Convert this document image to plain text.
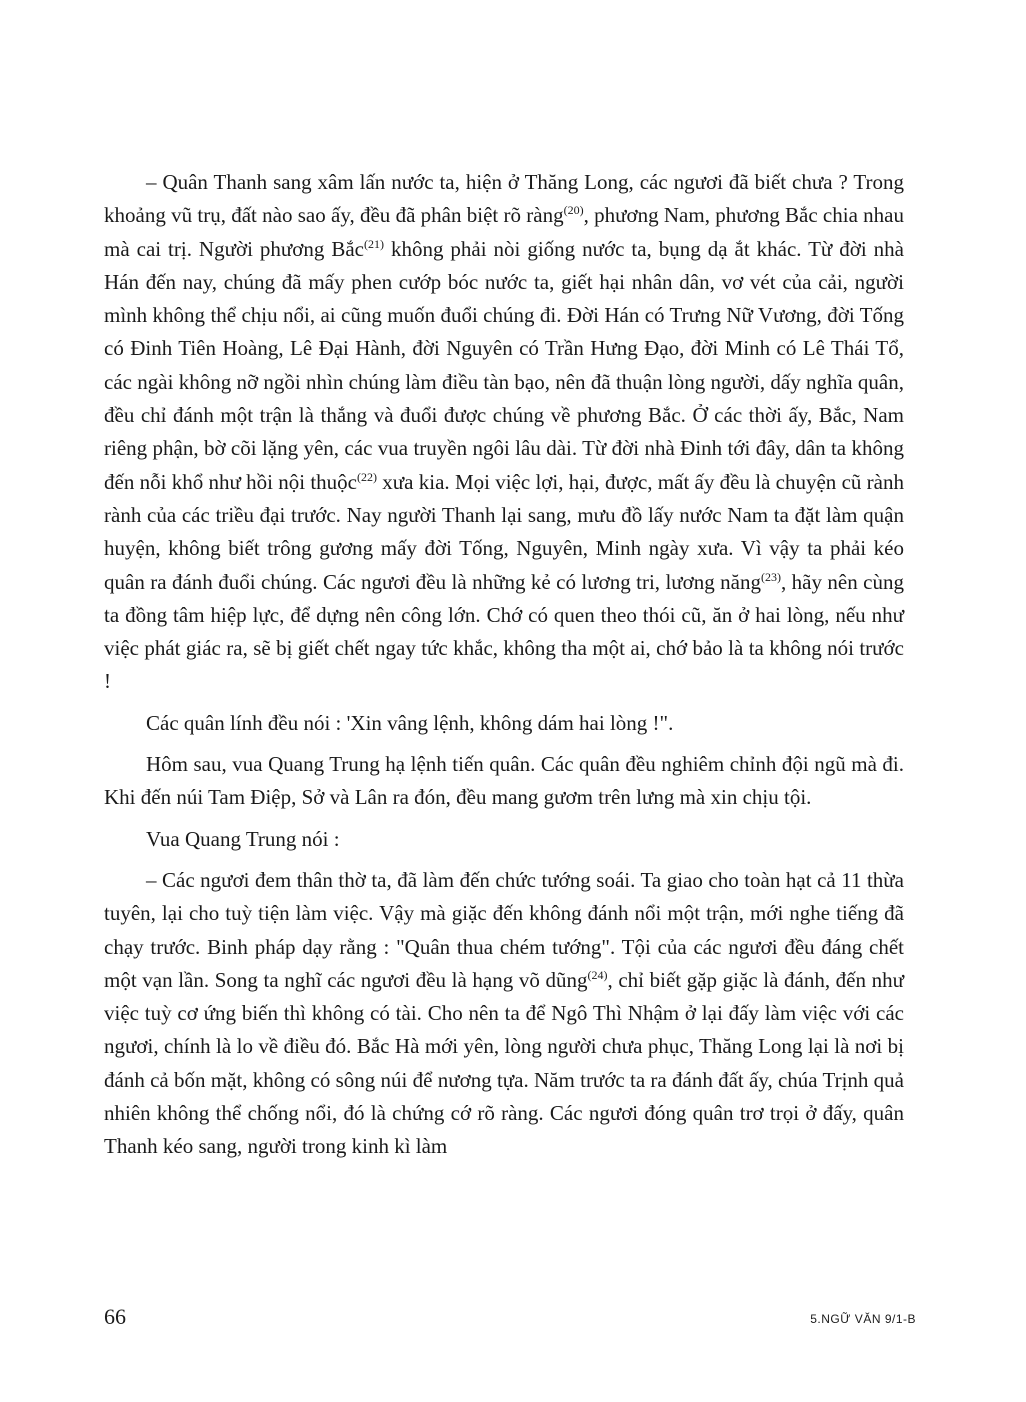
– Quân Thanh sang xâm lấn nước ta, hiện ở Thăng Long, các ngươi đã biết chưa ? Trong khoảng vũ trụ, đất nào sao ấy, đều đã phân biệt rõ ràng$^{(20)}$, phương Nam, phương Bắc chia nhau mà cai trị. Người phương Bắc$^{(21)}$ không phải nòi giống nước ta, bụng dạ ắt khác. Từ đời nhà Hán đến nay, chúng đã mấy phen cướp bóc nước ta, giết hại nhân dân, vơ vét của cải, người mình không thể chịu nổi, ai cũng muốn đuổi chúng đi. Đời Hán có Trưng Nữ Vương, đời Tống có Đinh Tiên Hoàng, Lê Đại Hành, đời Nguyên có Trần Hưng Đạo, đời Minh có Lê Thái Tổ, các ngài không nỡ ngồi nhìn chúng làm điều tàn bạo, nên đã thuận lòng người, dấy nghĩa quân, đều chỉ đánh một trận là thắng và đuổi được chúng về phương Bắc. Ở các thời ấy, Bắc, Nam riêng phận, bờ cõi lặng yên, các vua truyền ngôi lâu dài. Từ đời nhà Đinh tới đây, dân ta không đến nỗi khổ như hồi nội thuộc$^{(22)}$ xưa kia. Mọi việc lợi, hại, được, mất ấy đều là chuyện cũ rành rành của các triều đại trước. Nay người Thanh lại sang, mưu đồ lấy nước Nam ta đặt làm quận huyện, không biết trông gương mấy đời Tống, Nguyên, Minh ngày xưa. Vì vậy ta phải kéo quân ra đánh đuổi chúng. Các ngươi đều là những kẻ có lương tri, lương năng$^{(23)}$, hãy nên cùng ta đồng tâm hiệp lực, để dựng nên công lớn. Chớ có quen theo thói cũ, ăn ở hai lòng, nếu như việc phát giác ra, sẽ bị giết chết ngay tức khắc, không tha một ai, chớ bảo là ta không nói trước !

Các quân lính đều nói : 'Xin vâng lệnh, không dám hai lòng !".

Hôm sau, vua Quang Trung hạ lệnh tiến quân. Các quân đều nghiêm chỉnh đội ngũ mà đi. Khi đến núi Tam Điệp, Sở và Lân ra đón, đều mang gươm trên lưng mà xin chịu tội.

Vua Quang Trung nói :

– Các ngươi đem thân thờ ta, đã làm đến chức tướng soái. Ta giao cho toàn hạt cả 11 thừa tuyên, lại cho tuỳ tiện làm việc. Vậy mà giặc đến không đánh nổi một trận, mới nghe tiếng đã chạy trước. Binh pháp dạy rằng : "Quân thua chém tướng". Tội của các ngươi đều đáng chết một vạn lần. Song ta nghĩ các ngươi đều là hạng võ dũng$^{(24)}$, chỉ biết gặp giặc là đánh, đến như việc tuỳ cơ ứng biến thì không có tài. Cho nên ta để Ngô Thì Nhậm ở lại đấy làm việc với các ngươi, chính là lo về điều đó. Bắc Hà mới yên, lòng người chưa phục, Thăng Long lại là nơi bị đánh cả bốn mặt, không có sông núi để nương tựa. Năm trước ta ra đánh đất ấy, chúa Trịnh quả nhiên không thể chống nổi, đó là chứng cớ rõ ràng. Các ngươi đóng quân trơ trọi ở đấy, quân Thanh kéo sang, người trong kinh kì làm

66	5.NGỮ VĂN 9/1-B
